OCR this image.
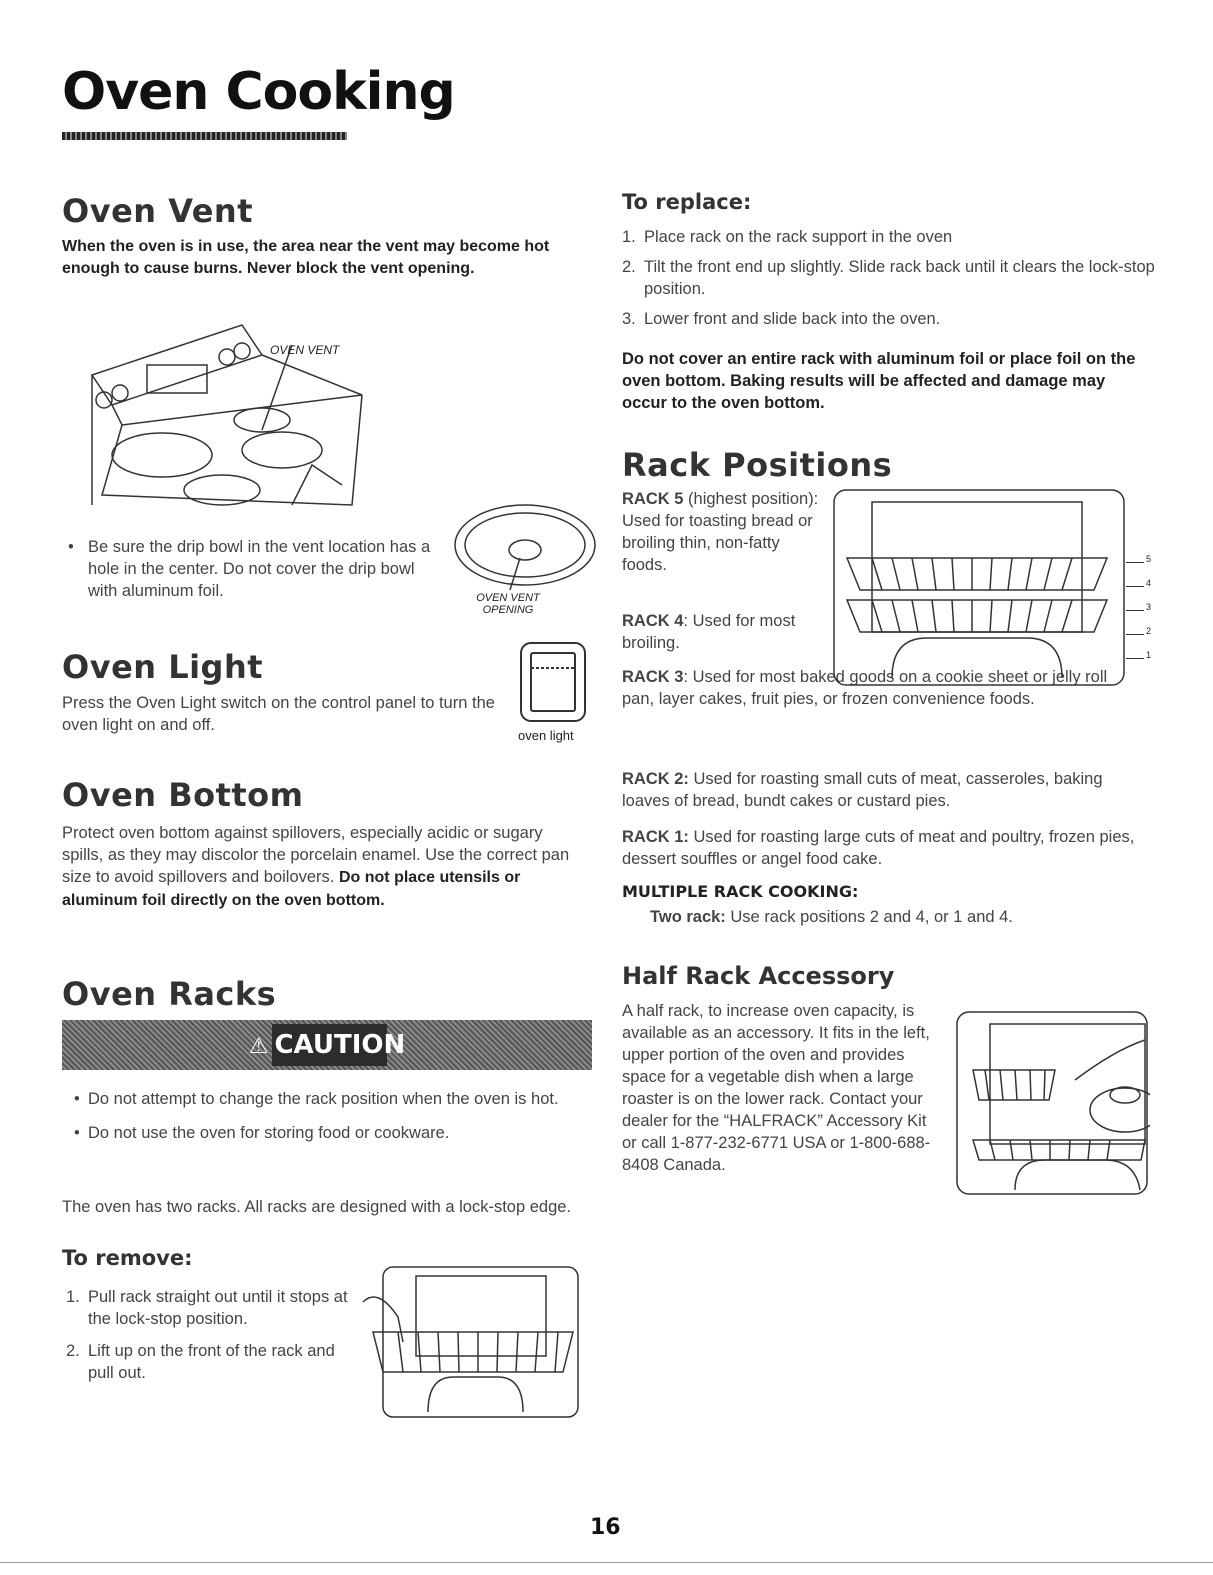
Oven Cooking
Oven Vent
When the oven is in use, the area near the vent may become hot enough to cause burns. Never block the vent opening.
OVEN VENT
• Be sure the drip bowl in the vent location has a hole in the center. Do not cover the drip bowl with aluminum foil.	OVEN VENT
OPENING
Oven Light
Press the Oven Light switch on the control panel to turn the oven light on and off.
oven light
Oven Bottom
Protect oven bottom against spillovers, especially acidic or sugary spills, as they may discolor the porcelain enamel. Use the correct pan size to avoid spillovers and boilovers. Do not place utensils or aluminum foil directly on the oven bottom.
Oven Racks
⚠ CAUTION
• Do not attempt to change the rack position when the oven is hot.
• Do not use the oven for storing food or cookware.
The oven has two racks. All racks are designed with a lock-stop edge.
To remove:
1. Pull rack straight out until it stops at the lock-stop position.
2. Lift up on the front of the rack and pull out.
To replace:
1. Place rack on the rack support in the oven
2. Tilt the front end up slightly. Slide rack back until it clears the lock-stop position.
3. Lower front and slide back into the oven.
Do not cover an entire rack with aluminum foil or place foil on the oven bottom. Baking results will be affected and damage may occur to the oven bottom.
Rack Positions
RACK 5 (highest position): Used for toasting bread or broiling thin, non-fatty foods.
RACK 4: Used for most broiling.
RACK 3: Used for most baked goods on a cookie sheet or jelly roll pan, layer cakes, fruit pies, or frozen convenience foods.
RACK 2: Used for roasting small cuts of meat, casseroles, baking loaves of bread, bundt cakes or custard pies.
RACK 1: Used for roasting large cuts of meat and poultry, frozen pies, dessert souffles or angel food cake.
MULTIPLE RACK COOKING:
Two rack: Use rack positions 2 and 4, or 1 and 4.
5
4
3
2
1
Half Rack Accessory
A half rack, to increase oven capacity, is available as an accessory. It fits in the left, upper portion of the oven and provides space for a vegetable dish when a large roaster is on the lower rack. Contact your dealer for the “HALFRACK” Accessory Kit or call 1-877-232-6771 USA or 1-800-688-8408 Canada.
16
